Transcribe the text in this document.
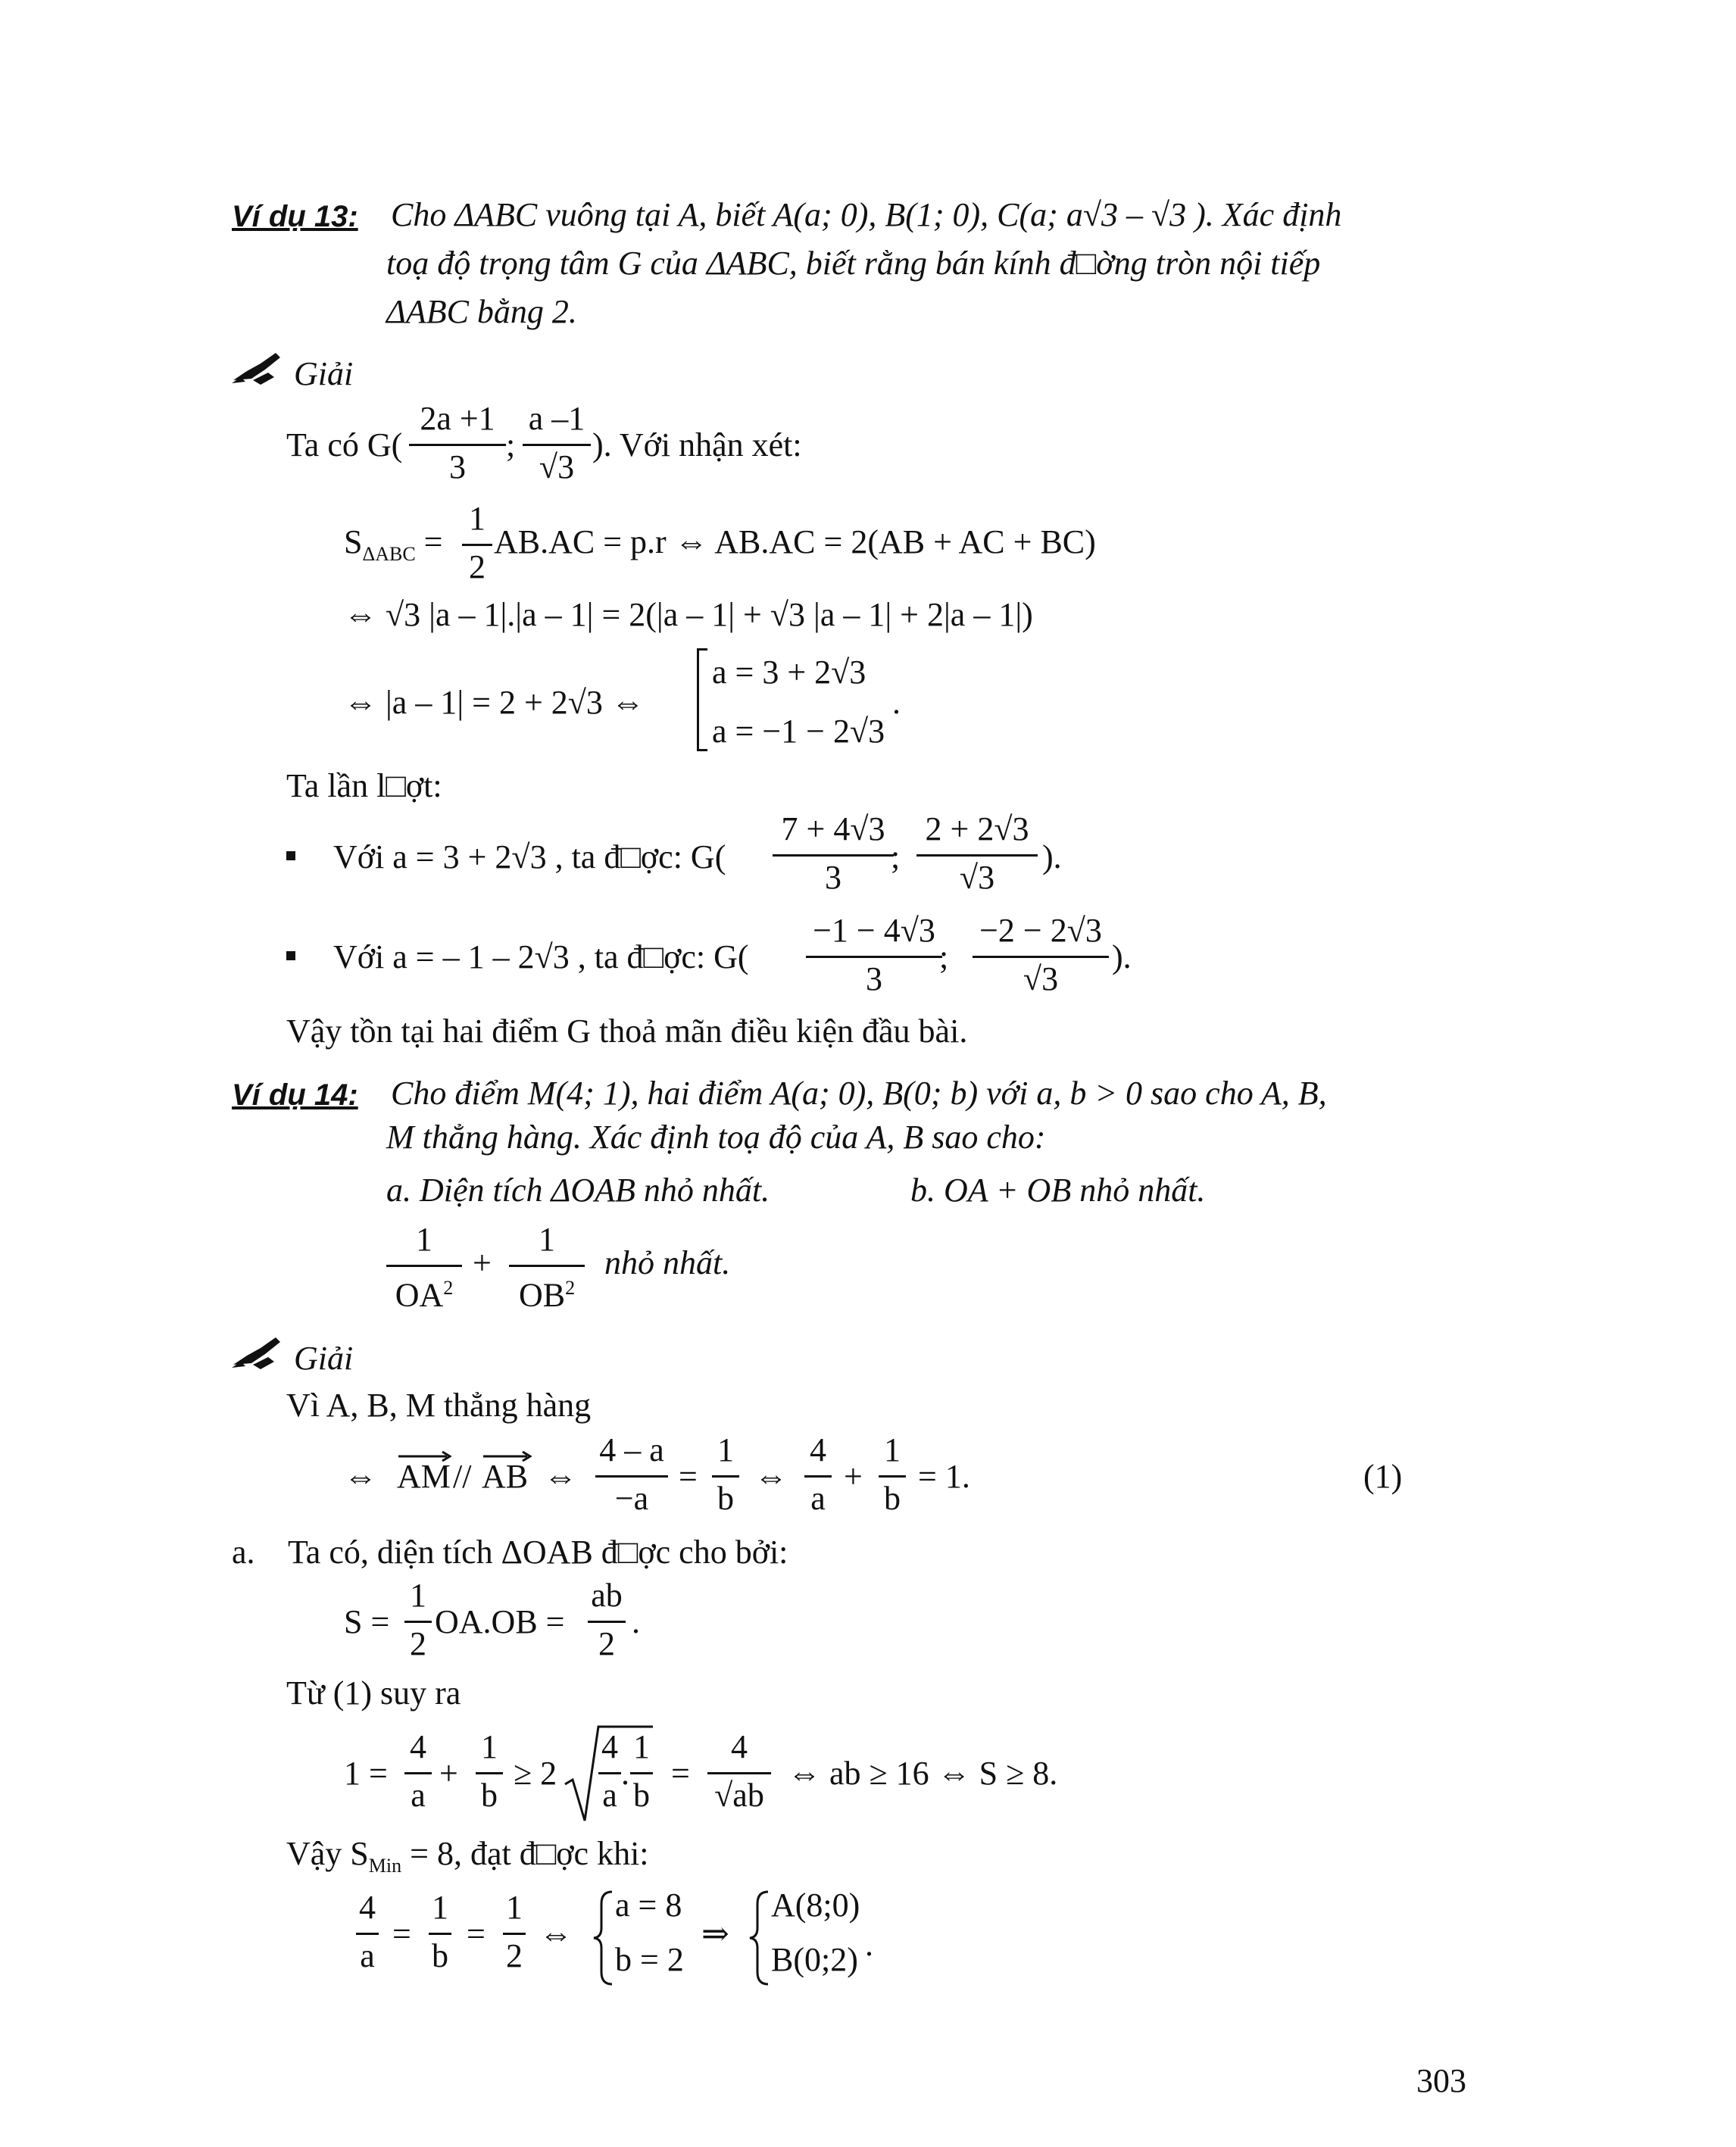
Ví dụ 13: Cho ΔABC vuông tại A, biết A(a; 0), B(1; 0), C(a; a√3 – √3 ). Xác định
toạ độ trọng tâm G của ΔABC, biết rằng bán kính đ□ờng tròn nội tiếp
ΔABC bằng 2.
Giải
Ta có G(
2a +1
3
;
a –1
√3
). Với nhận xét:
$S_{\Delta ABC}$ =
1
2
AB.AC = p.r ⇔ AB.AC = 2(AB + AC + BC)
⇔ √3 |a – 1|.|a – 1| = 2(|a – 1| + √3 |a – 1| + 2|a – 1|)
⇔ |a – 1| = 2 + 2√3 ⇔
a = 3 + 2√3
a = −1 − 2√3
.
Ta lần l□ợt:
Với a = 3 + 2√3 , ta đ□ợc: G(
7 + 4√3
3
;
2 + 2√3
√3
).
Với a = – 1 – 2√3 , ta đ□ợc: G(
−1 − 4√3
3
;
−2 − 2√3
√3
).
Vậy tồn tại hai điểm G thoả mãn điều kiện đầu bài.
Ví dụ 14: Cho điểm M(4; 1), hai điểm A(a; 0), B(0; b) với a, b > 0 sao cho A, B,
M thẳng hàng. Xác định toạ độ của A, B sao cho:
a. Diện tích ΔOAB nhỏ nhất.	b. OA + OB nhỏ nhất.
1
$OA^2$
+
1
$OB^2$
nhỏ nhất.
Giải
Vì A, B, M thẳng hàng
⇔ AM // AB ⇔
4 – a
−a
=
1
b
⇔
4
a
+
1
b
= 1.	(1)
a. Ta có, diện tích ΔOAB đ□ợc cho bởi:
S =
1
2
OA.OB =
ab
2
.
Từ (1) suy ra
1 =
4
a
+
1
b
≥ 2
4
a
.
1
b
=
4
√ab
⇔ ab ≥ 16 ⇔ S ≥ 8.
Vậy $S_{Min} = 8$, đạt đ□ợc khi:
4
a
=
1
b
=
1
2
⇔
a = 8
b = 2
⇒
A(8;0)
B(0;2) .
303
